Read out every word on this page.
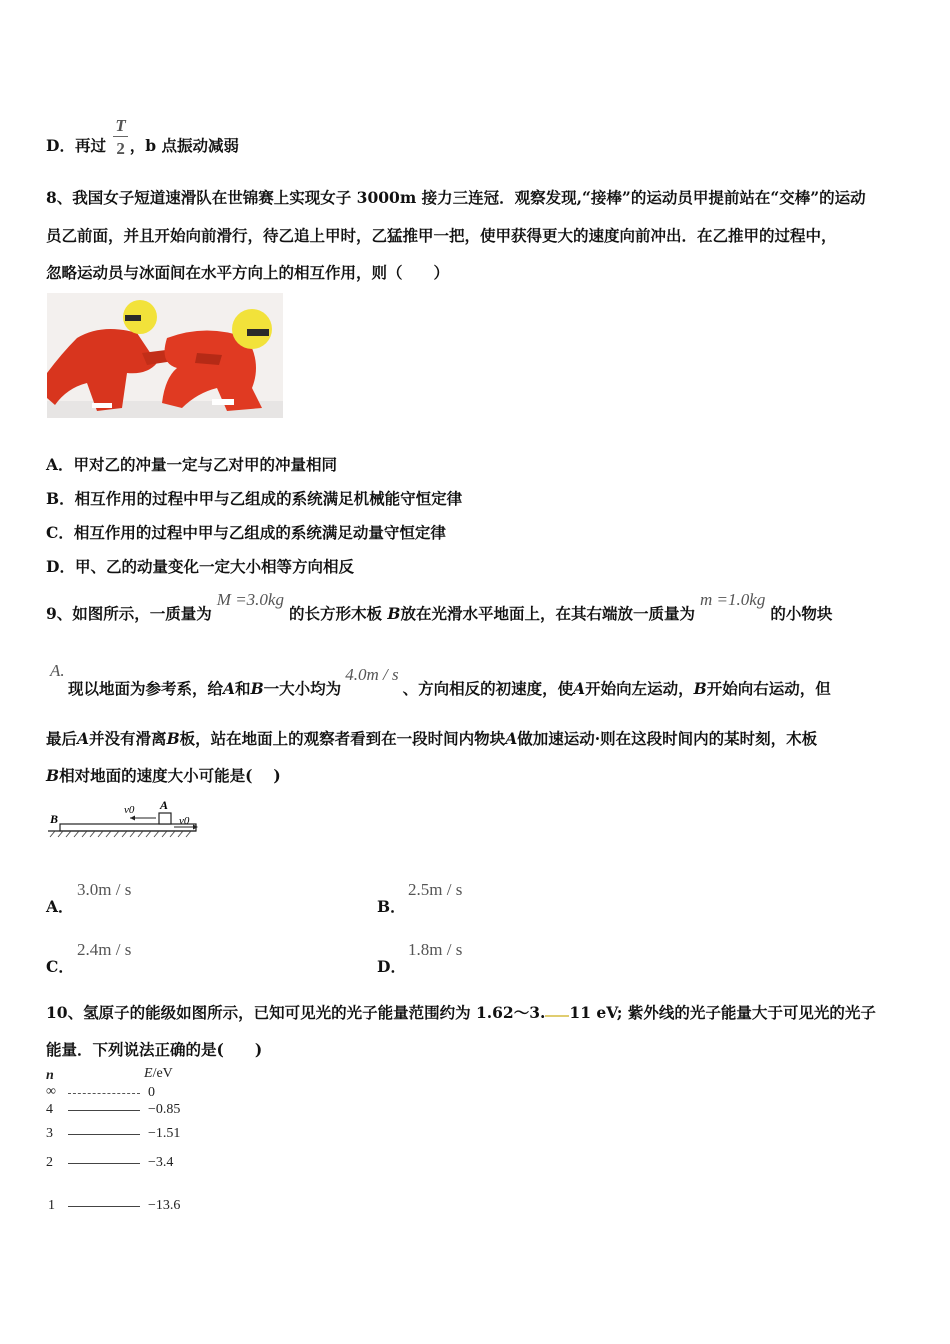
D．再过 $\frac{T}{2}$ ，b 点振动减弱
8、我国女子短道速滑队在世锦赛上实现女子 3000m 接力三连冠．观察发现,“接棒”的运动员甲提前站在“交棒”的运动
员乙前面，并且开始向前滑行，待乙追上甲时，乙猛推甲一把，使甲获得更大的速度向前冲出．在乙推甲的过程中，
忽略运动员与冰面间在水平方向上的相互作用，则（　　）
A．甲对乙的冲量一定与乙对甲的冲量相同
B．相互作用的过程中甲与乙组成的系统满足机械能守恒定律
C．相互作用的过程中甲与乙组成的系统满足动量守恒定律
D．甲、乙的动量变化一定大小相等方向相反
9、如图所示，一质量为M =3.0kg的长方形木板 B放在光滑水平地面上，在其右端放一质量为m =1.0kg的小物块
A.
现以地面为参考系，给A和B一大小均为4.0m / s、方向相反的初速度，使A开始向左运动，B开始向右运动，但
最后A并没有滑离B板，站在地面上的观察者看到在一段时间内物块A做加速运动·则在这段时间内的某时刻，木板
B相对地面的速度大小可能是(　 )
B
A
v0
v0
A．
3.0m / s
B．
2.5m / s
C．
2.4m / s
D．
1.8m / s
10、氢原子的能级如图所示，已知可见光的光子能量范围约为 1.62～3. 11 eV; 紫外线的光子能量大于可见光的光子
能量．下列说法正确的是(　　)
n	E/eV
∞	0
4	−0.85
3	−1.51
2	−3.4
1	−13.6
